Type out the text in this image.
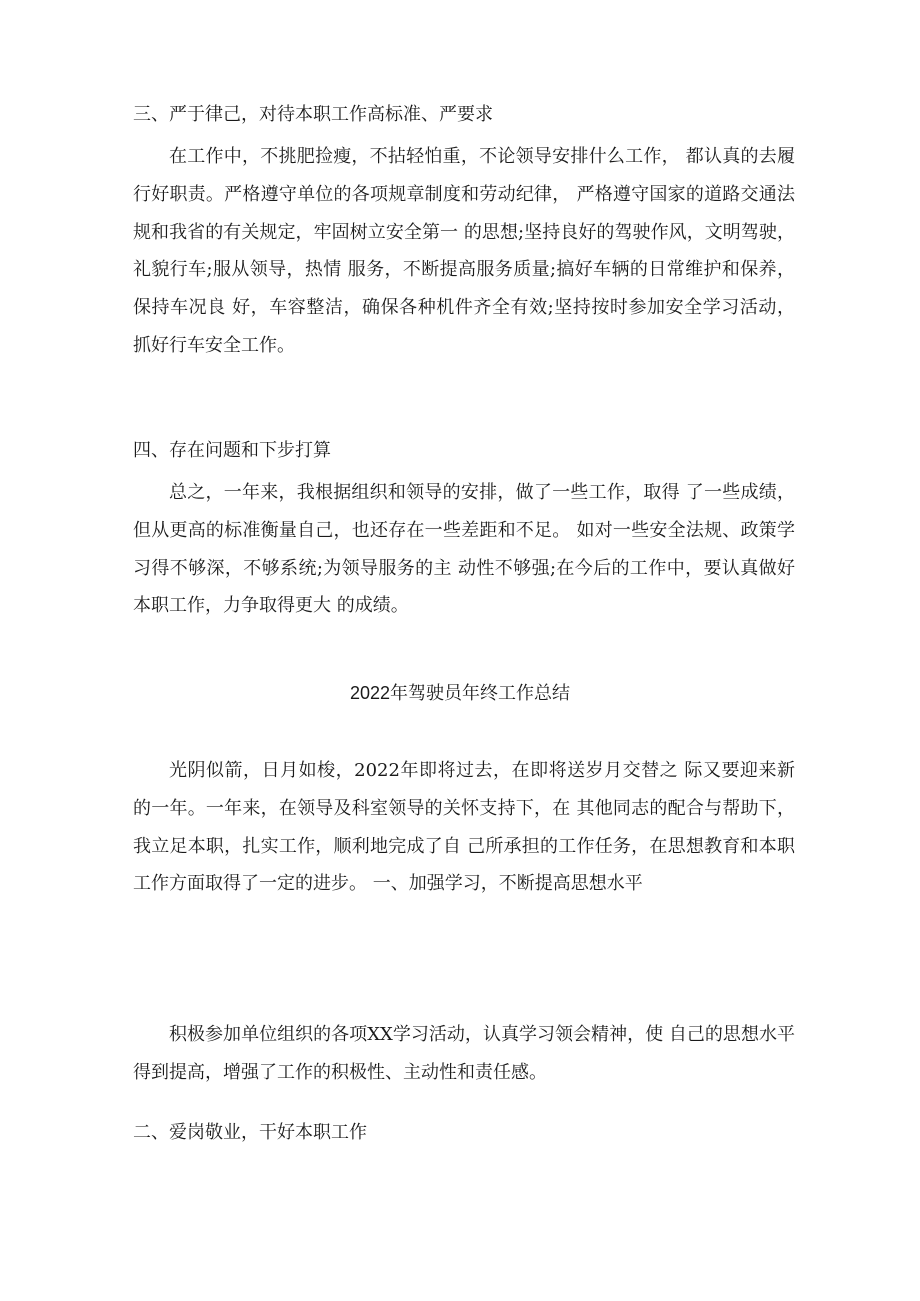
三、严于律己，对待本职工作高标准、严要求

在工作中，不挑肥捡瘦，不拈轻怕重，不论领导安排什么工作， 都认真的去履行好职责。严格遵守单位的各项规章制度和劳动纪律， 严格遵守国家的道路交通法规和我省的有关规定，牢固树立安全第一 的思想;坚持良好的驾驶作风，文明驾驶，礼貌行车;服从领导，热情 服务，不断提高服务质量;搞好车辆的日常维护和保养，保持车况良 好，车容整洁，确保各种机件齐全有效;坚持按时参加安全学习活动， 抓好行车安全工作。

四、存在问题和下步打算

总之，一年来，我根据组织和领导的安排，做了一些工作，取得 了一些成绩，但从更高的标准衡量自己，也还存在一些差距和不足。 如对一些安全法规、政策学习得不够深，不够系统;为领导服务的主 动性不够强;在今后的工作中，要认真做好本职工作，力争取得更大 的成绩。

2022年驾驶员年终工作总结

光阴似箭，日月如梭，2022年即将过去，在即将送岁月交替之 际又要迎来新的一年。一年来，在领导及科室领导的关怀支持下，在 其他同志的配合与帮助下，我立足本职，扎实工作，顺利地完成了自 己所承担的工作任务，在思想教育和本职工作方面取得了一定的进步。 一、加强学习，不断提高思想水平

积极参加单位组织的各项XX学习活动，认真学习领会精神，使 自己的思想水平得到提高，增强了工作的积极性、主动性和责任感。

二、爱岗敬业，干好本职工作
